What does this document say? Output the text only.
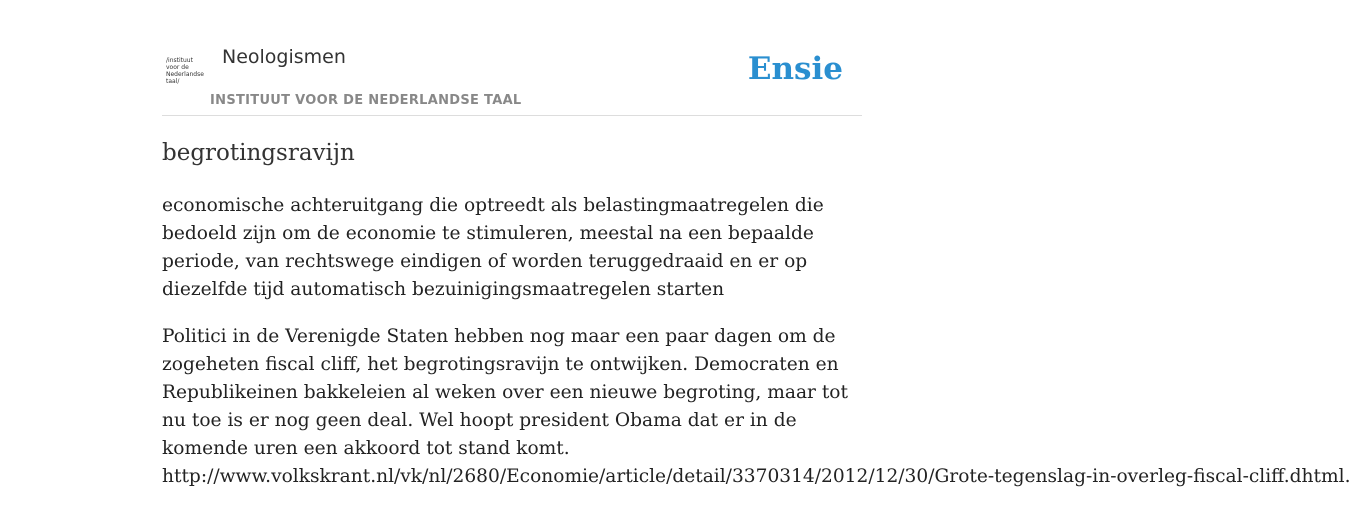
/instituut
voor de
Nederlandse
taal/
Neologismen
INSTITUUT VOOR DE NEDERLANDSE TAAL
Ensie
begrotingsravijn

economische achteruitgang die optreedt als belastingmaatregelen die bedoeld zijn om de economie te stimuleren, meestal na een bepaalde periode, van rechtswege eindigen of worden teruggedraaid en er op diezelfde tijd automatisch bezuinigingsmaatregelen starten

Politici in de Verenigde Staten hebben nog maar een paar dagen om de zogeheten fiscal cliff, het begrotingsravijn te ontwijken. Democraten en Republikeinen bakkeleien al weken over een nieuwe begroting, maar tot nu toe is er nog geen deal. Wel hoopt president Obama dat er in de komende uren een akkoord tot stand komt.
http://www.volkskrant.nl/vk/nl/2680/Economie/article/detail/3370314/2012/12/30/Grote-tegenslag-in-overleg-fiscal-cliff.dhtml.
